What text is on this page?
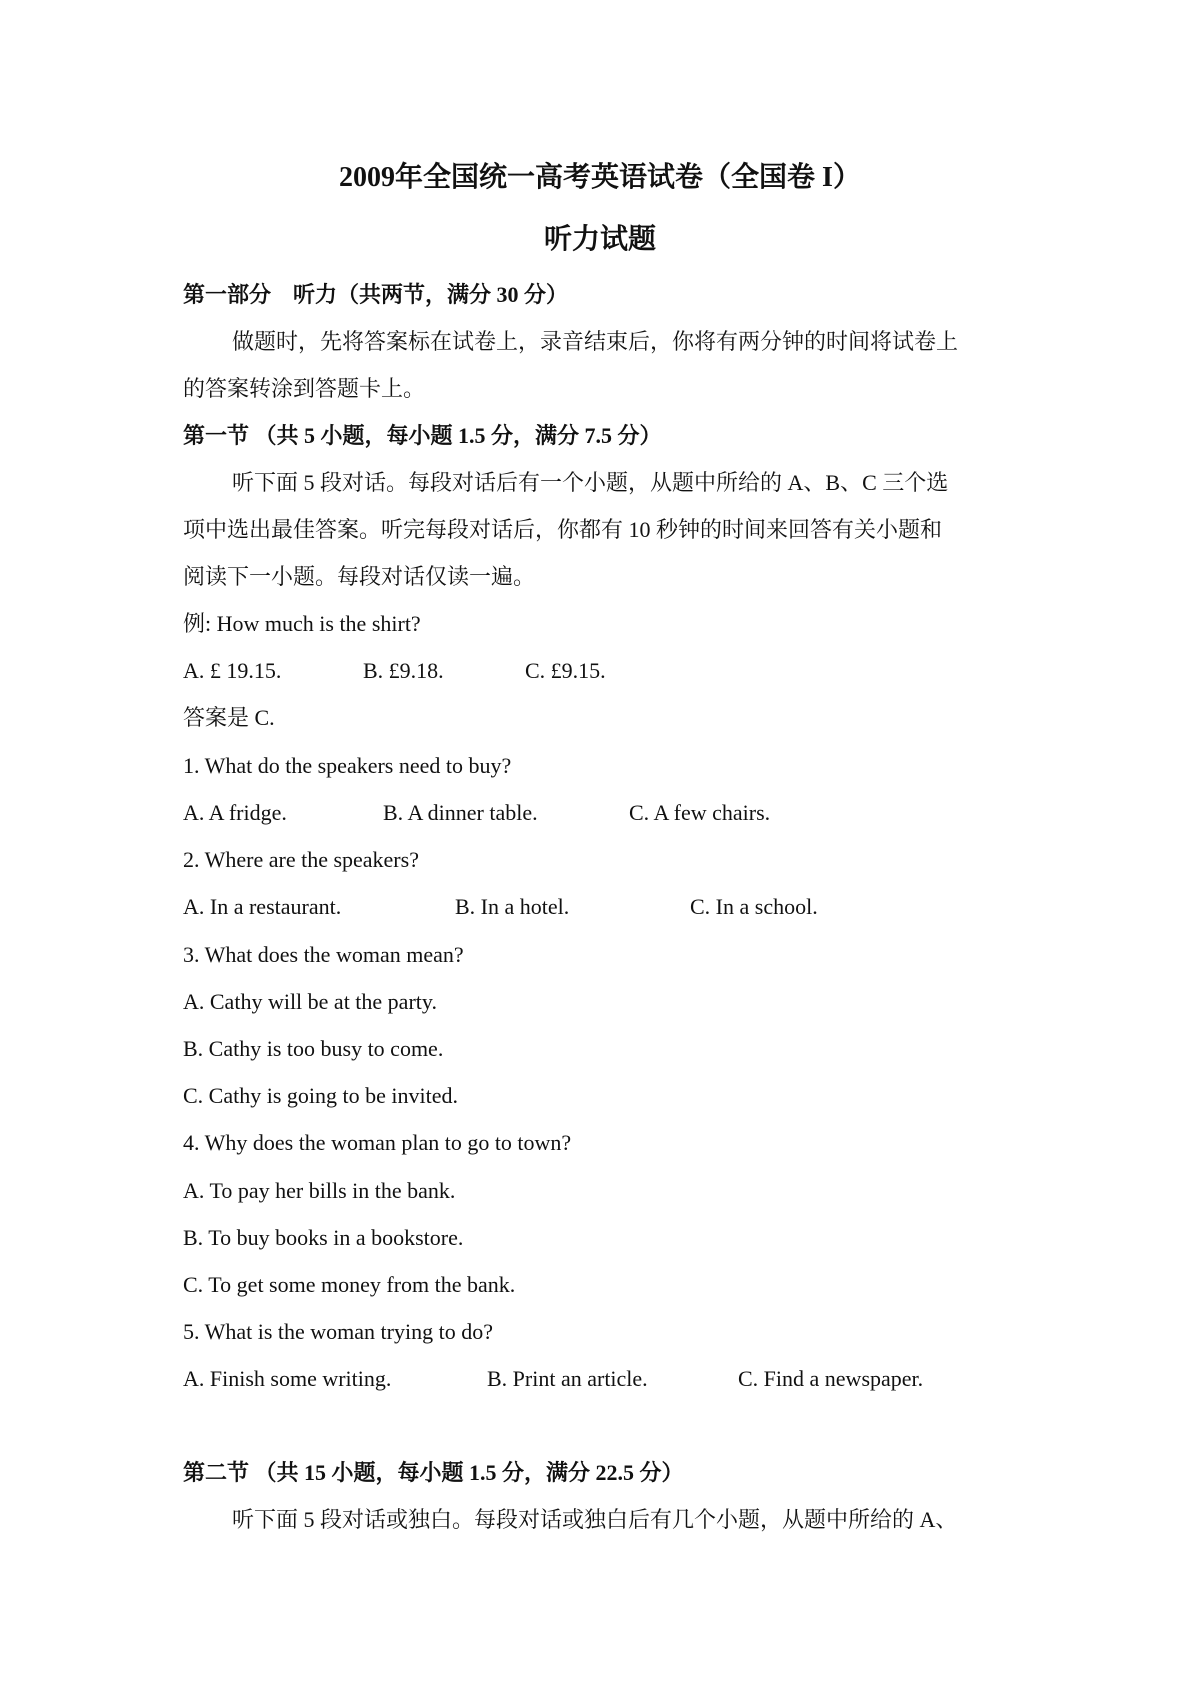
2009年全国统一高考英语试卷（全国卷 I）
听力试题
第一部分　听力（共两节，满分 30 分）
做题时，先将答案标在试卷上，录音结束后，你将有两分钟的时间将试卷上
的答案转涂到答题卡上。
第一节 （共 5 小题，每小题 1.5 分，满分 7.5 分）
听下面 5 段对话。每段对话后有一个小题，从题中所给的 A、B、C 三个选
项中选出最佳答案。听完每段对话后，你都有 10 秒钟的时间来回答有关小题和
阅读下一小题。每段对话仅读一遍。
例: How much is the shirt?
A. £ 19.15.	B. £9.18.	C. £9.15.
答案是 C.
1. What do the speakers need to buy?
A. A fridge.	B. A dinner table.	C. A few chairs.
2. Where are the speakers?
A. In a restaurant.	B. In a hotel.	C. In a school.
3. What does the woman mean?
A. Cathy will be at the party.
B. Cathy is too busy to come.
C. Cathy is going to be invited.
4. Why does the woman plan to go to town?
A. To pay her bills in the bank.
B. To buy books in a bookstore.
C. To get some money from the bank.
5. What is the woman trying to do?
A. Finish some writing.	B. Print an article.	C. Find a newspaper.
第二节 （共 15 小题，每小题 1.5 分，满分 22.5 分）
听下面 5 段对话或独白。每段对话或独白后有几个小题，从题中所给的 A、
